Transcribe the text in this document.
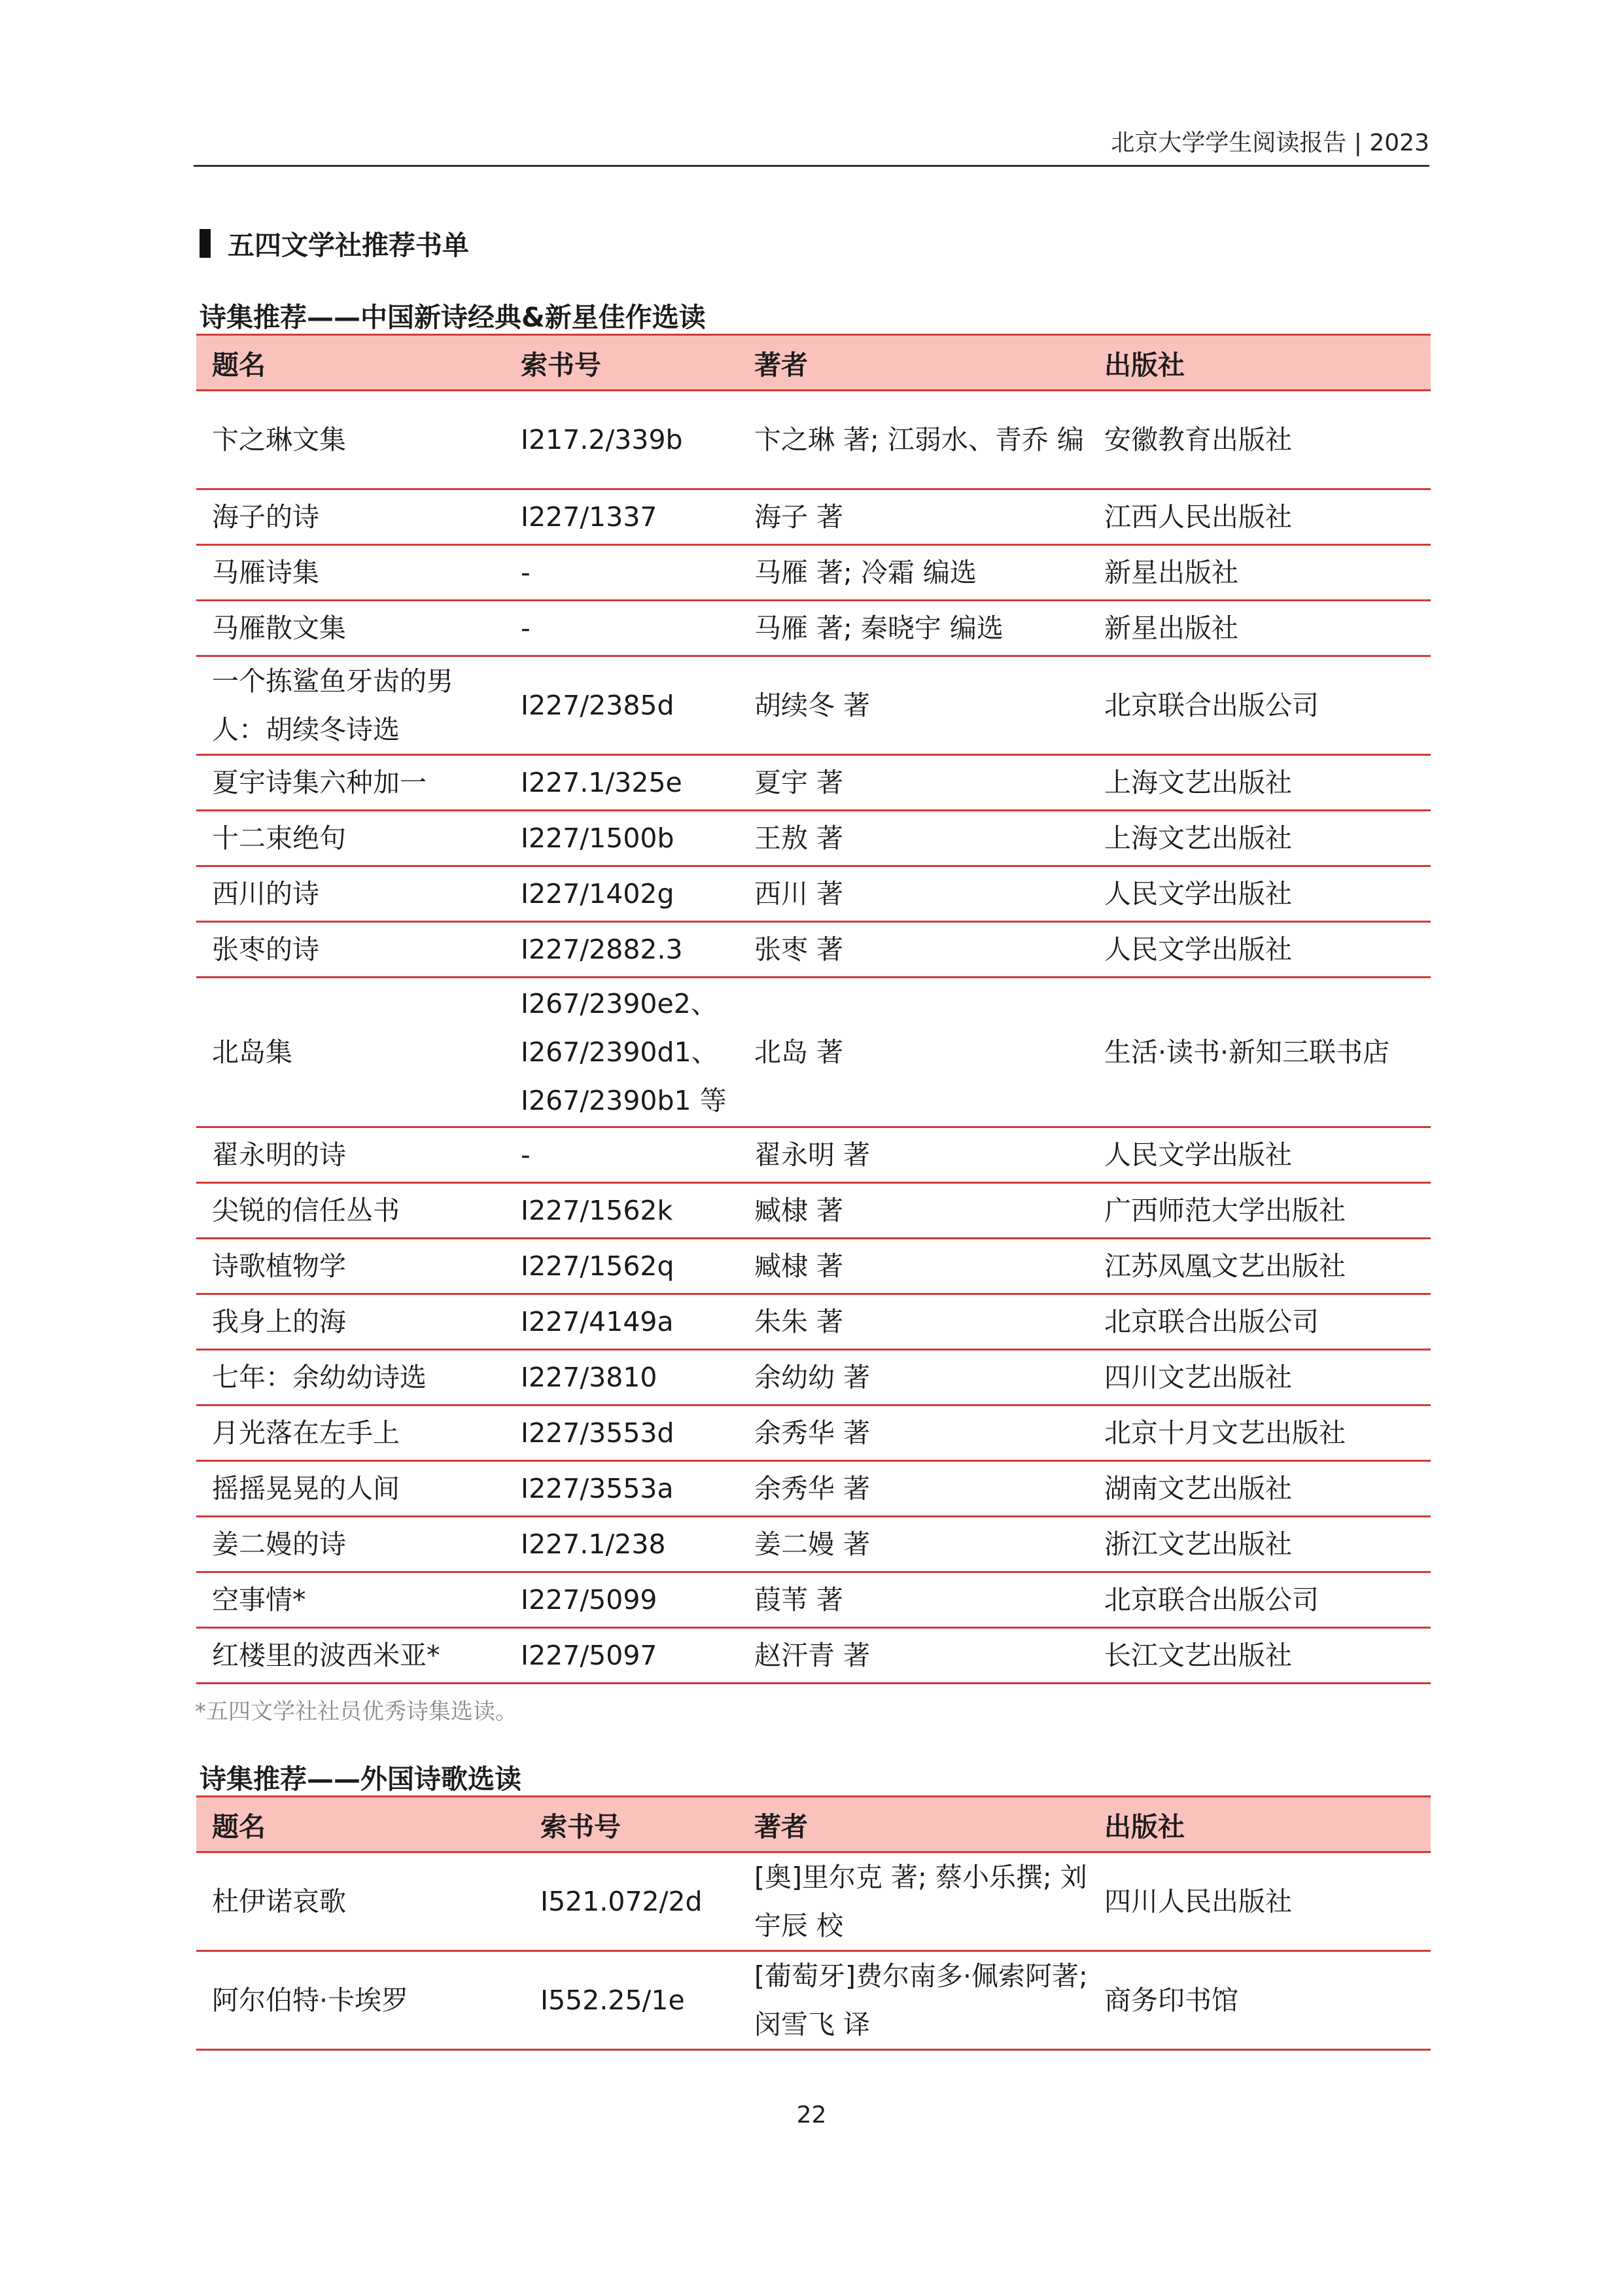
北京大学学生阅读报告 | 2023
五四文学社推荐书单
诗集推荐——中国新诗经典&新星佳作选读
题名	索书号	著者	出版社
卞之琳文集	I217.2/339b	卞之琳 著; 江弱水、青乔 编	安徽教育出版社
海子的诗	I227/1337	海子 著	江西人民出版社
马雁诗集	-	马雁 著; 冷霜 编选	新星出版社
马雁散文集	-	马雁 著; 秦晓宇 编选	新星出版社
一个拣鲨鱼牙齿的男人：胡续冬诗选	I227/2385d	胡续冬 著	北京联合出版公司
夏宇诗集六种加一	I227.1/325e	夏宇 著	上海文艺出版社
十二束绝句	I227/1500b	王敖 著	上海文艺出版社
西川的诗	I227/1402g	西川 著	人民文学出版社
张枣的诗	I227/2882.3	张枣 著	人民文学出版社
北岛集	I267/2390e2、I267/2390d1、I267/2390b1 等	北岛 著	生活·读书·新知三联书店
翟永明的诗	-	翟永明 著	人民文学出版社
尖锐的信任丛书	I227/1562k	臧棣 著	广西师范大学出版社
诗歌植物学	I227/1562q	臧棣 著	江苏凤凰文艺出版社
我身上的海	I227/4149a	朱朱 著	北京联合出版公司
七年：余幼幼诗选	I227/3810	余幼幼 著	四川文艺出版社
月光落在左手上	I227/3553d	余秀华 著	北京十月文艺出版社
摇摇晃晃的人间	I227/3553a	余秀华 著	湖南文艺出版社
姜二嫚的诗	I227.1/238	姜二嫚 著	浙江文艺出版社
空事情*	I227/5099	葭苇 著	北京联合出版公司
红楼里的波西米亚*	I227/5097	赵汗青 著	长江文艺出版社
*五四文学社社员优秀诗集选读。
诗集推荐——外国诗歌选读
题名	索书号	著者	出版社
杜伊诺哀歌	I521.072/2d	[奥]里尔克 著; 蔡小乐撰; 刘宇辰 校	四川人民出版社
阿尔伯特·卡埃罗	I552.25/1e	[葡萄牙]费尔南多·佩索阿著; 闵雪飞 译	商务印书馆
22
